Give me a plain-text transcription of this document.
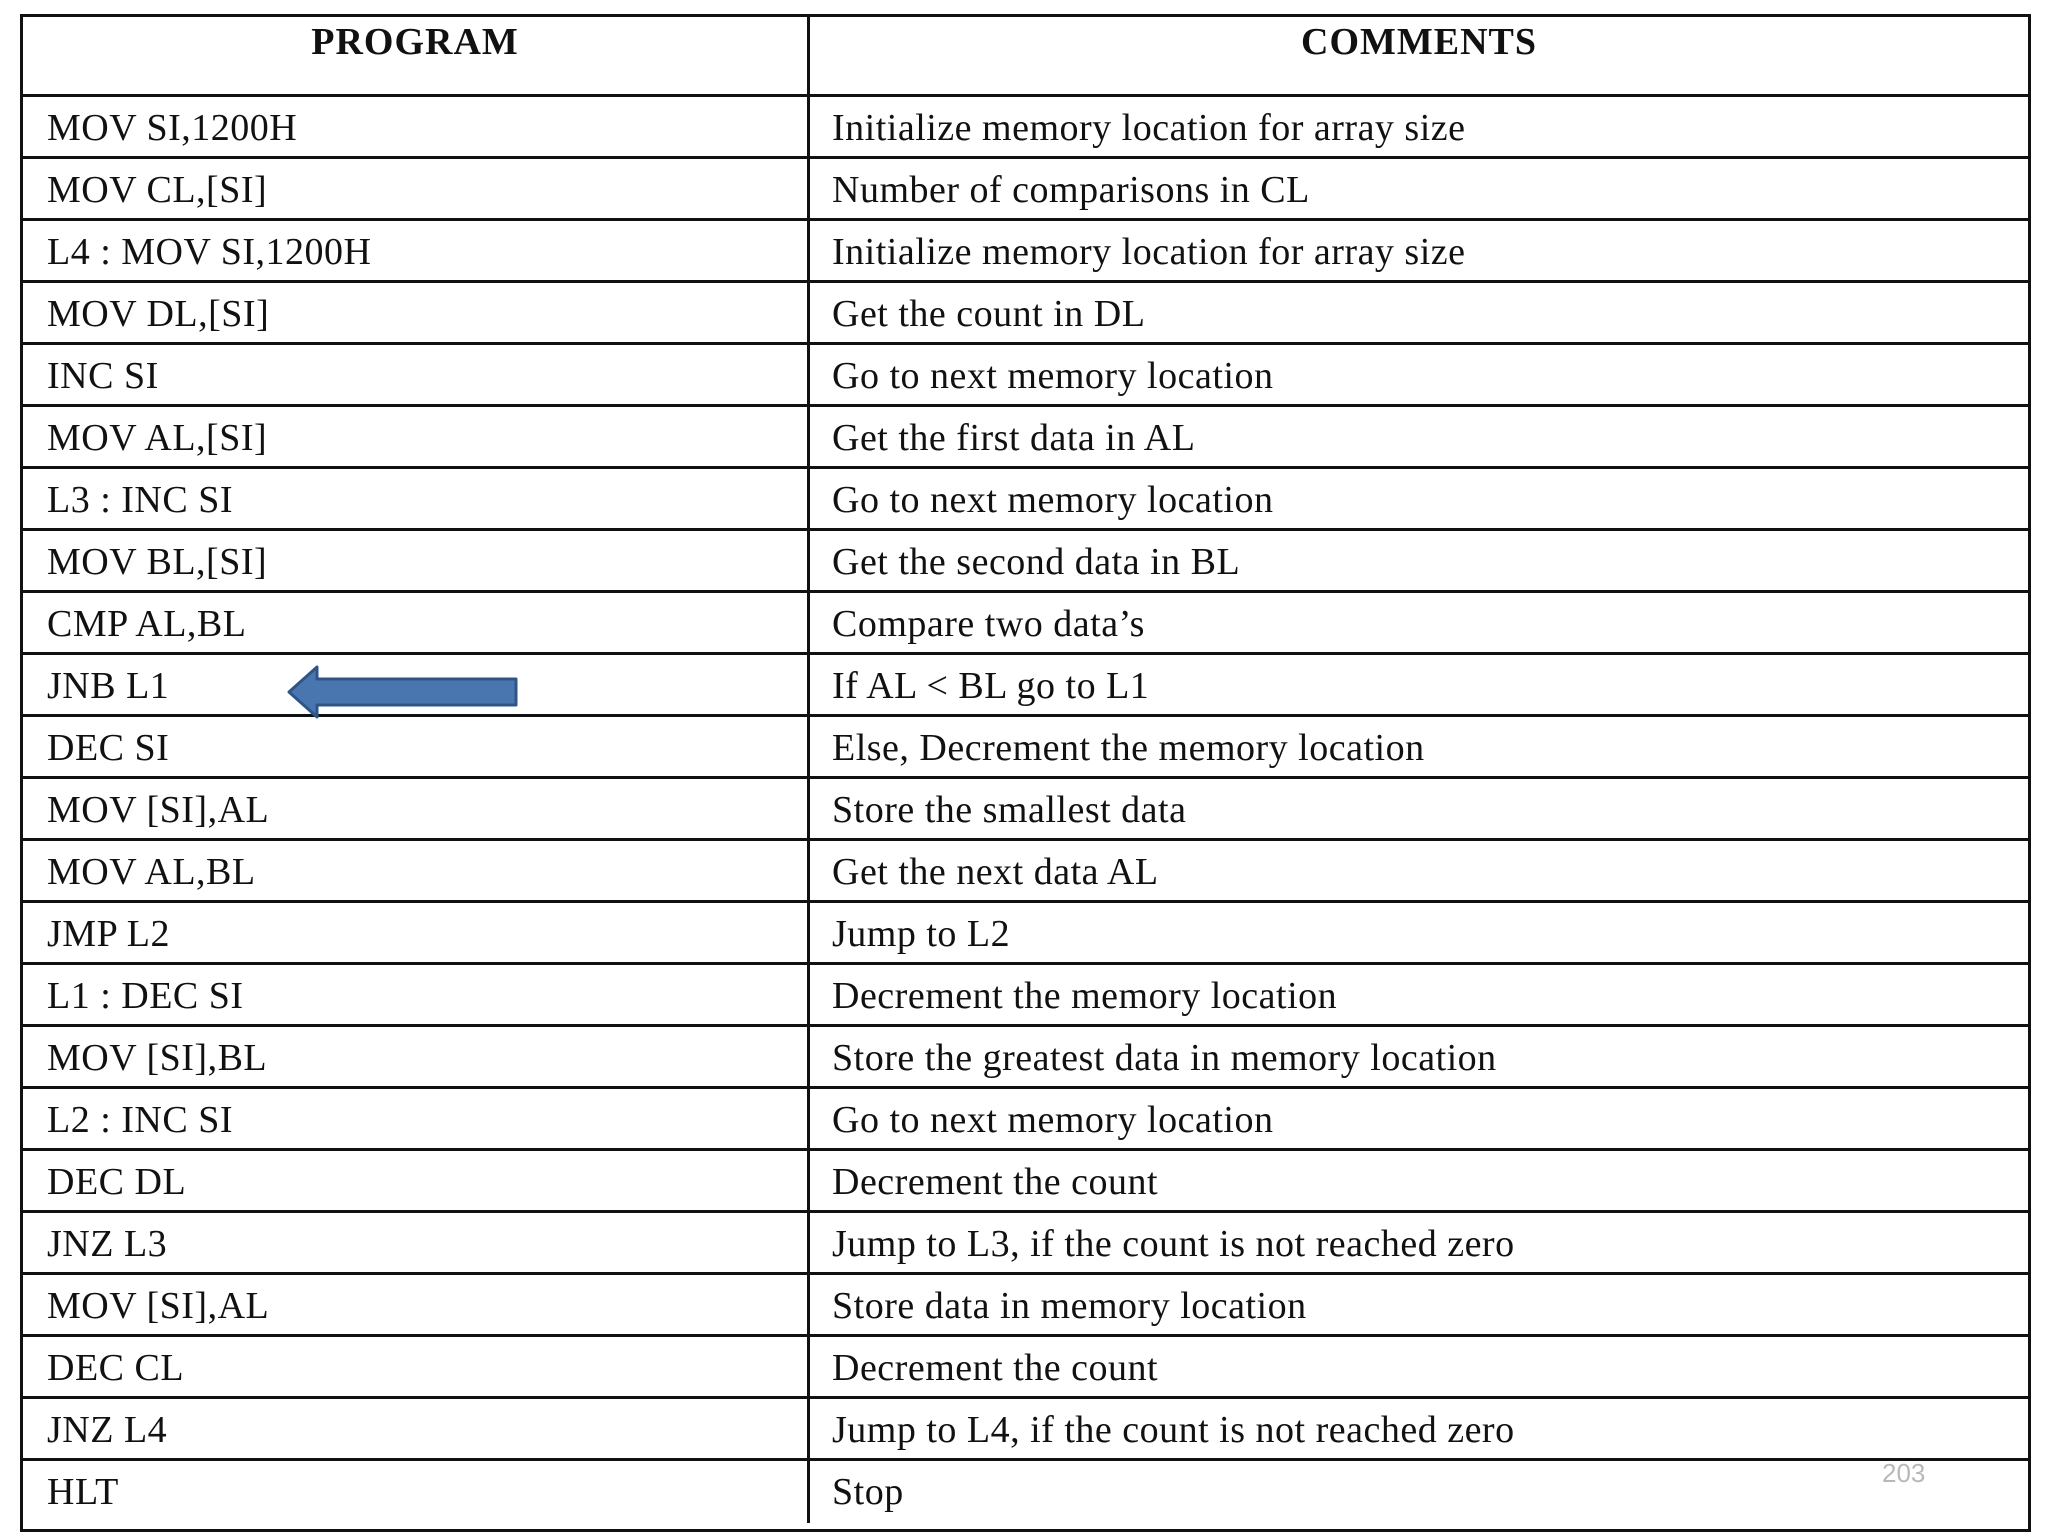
PROGRAM	COMMENTS
MOV SI,1200H	Initialize memory location for array size
MOV CL,[SI]	Number of comparisons in CL
L4 : MOV SI,1200H	Initialize memory location for array size
MOV DL,[SI]	Get the count in DL
INC SI	Go to next memory location
MOV AL,[SI]	Get the first data in AL
L3 : INC SI	Go to next memory location
MOV BL,[SI]	Get the second data in BL
CMP AL,BL	Compare two data’s
JNB L1	If AL < BL go to L1
DEC SI	Else, Decrement the memory location
MOV [SI],AL	Store the smallest data
MOV AL,BL	Get the next data AL
JMP L2	Jump to L2
L1 : DEC SI	Decrement the memory location
MOV [SI],BL	Store the greatest data in memory location
L2 : INC SI	Go to next memory location
DEC DL	Decrement the count
JNZ L3	Jump to L3, if the count is not reached zero
MOV [SI],AL	Store data in memory location
DEC CL	Decrement the count
JNZ L4	Jump to L4, if the count is not reached zero
HLT	Stop	203
